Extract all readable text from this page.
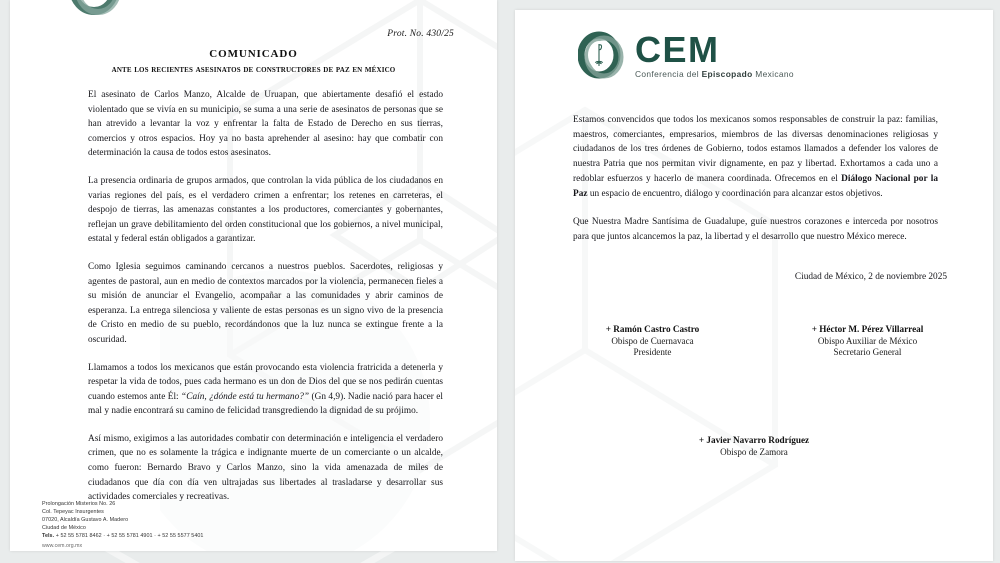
Prot. No. 430/25
COMUNICADO
ante los recientes asesinatos de constructores de paz en méxico

El asesinato de Carlos Manzo, Alcalde de Uruapan, que abiertamente desafió el estado violentado que se vivía en su municipio, se suma a una serie de asesinatos de personas que se han atrevido a levantar la voz y enfrentar la falta de Estado de Derecho en sus tierras, comercios y otros espacios. Hoy ya no basta aprehender al asesino: hay que combatir con determinación la causa de todos estos asesinatos.

La presencia ordinaria de grupos armados, que controlan la vida pública de los ciudadanos en varias regiones del país, es el verdadero crimen a enfrentar; los retenes en carreteras, el despojo de tierras, las amenazas constantes a los productores, comerciantes y gobernantes, reflejan un grave debilitamiento del orden constitucional que los gobiernos, a nivel municipal, estatal y federal están obligados a garantizar.

Como Iglesia seguimos caminando cercanos a nuestros pueblos. Sacerdotes, religiosas y agentes de pastoral, aun en medio de contextos marcados por la violencia, permanecen fieles a su misión de anunciar el Evangelio, acompañar a las comunidades y abrir caminos de esperanza. La entrega silenciosa y valiente de estas personas es un signo vivo de la presencia de Cristo en medio de su pueblo, recordándonos que la luz nunca se extingue frente a la oscuridad.

Llamamos a todos los mexicanos que están provocando esta violencia fratricida a detenerla y respetar la vida de todos, pues cada hermano es un don de Dios del que se nos pedirán cuentas cuando estemos ante Él: “Caín, ¿dónde está tu hermano?” (Gn 4,9). Nadie nació para hacer el mal y nadie encontrará su camino de felicidad transgrediendo la dignidad de su prójimo.

Así mismo, exigimos a las autoridades combatir con determinación e inteligencia el verdadero crimen, que no es solamente la trágica e indignante muerte de un comerciante o un alcalde, como fueron: Bernardo Bravo y Carlos Manzo, sino la vida amenazada de miles de ciudadanos que día con día ven ultrajadas sus libertades al trasladarse y desarrollar sus actividades comerciales y recreativas.

Prolongación Misterios No. 26
Col. Tepeyac Insurgentes
07020, Alcaldía Gustavo A. Madero
Ciudad de México
Tels. + 52 55 5781 8462 · + 52 55 5781 4901 · + 52 55 5577 5401
www.cem.org.mx
CEM
Conferencia del Episcopado Mexicano

Estamos convencidos que todos los mexicanos somos responsables de construir la paz: familias, maestros, comerciantes, empresarios, miembros de las diversas denominaciones religiosas y ciudadanos de los tres órdenes de Gobierno, todos estamos llamados a defender los valores de nuestra Patria que nos permitan vivir dignamente, en paz y libertad. Exhortamos a cada uno a redoblar esfuerzos y hacerlo de manera coordinada. Ofrecemos en el Diálogo Nacional por la Paz un espacio de encuentro, diálogo y coordinación para alcanzar estos objetivos.

Que Nuestra Madre Santísima de Guadalupe, guíe nuestros corazones e interceda por nosotros para que juntos alcancemos la paz, la libertad y el desarrollo que nuestro México merece.

Ciudad de México, 2 de noviembre 2025
+ Ramón Castro Castro
Obispo de Cuernavaca
Presidente
+ Héctor M. Pérez Villarreal
Obispo Auxiliar de México
Secretario General
+ Javier Navarro Rodríguez
Obispo de Zamora
